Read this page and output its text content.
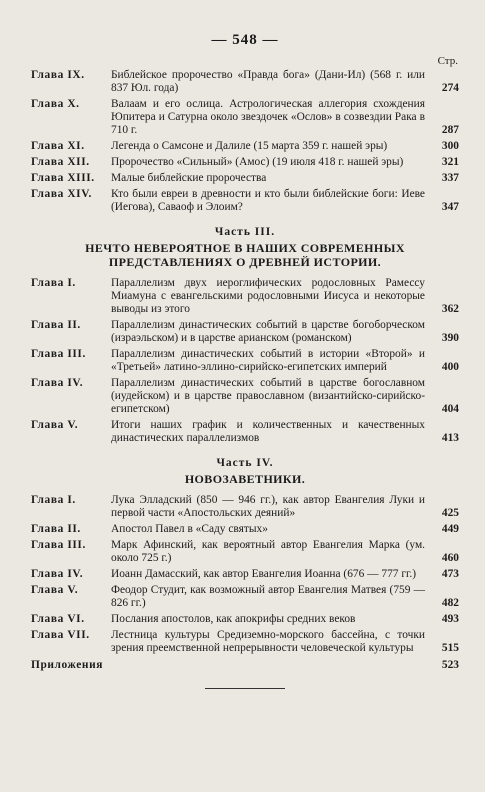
— 548 —
Стр.
Глава IX.	Библейское пророчество «Правда бога» (Дани-Ил) (568 г. или 837 Юл. года)	274
Глава X.	Валаам и его ослица. Астрологическая аллегория схождения Юпитера и Сатурна около звездочек «Ослов» в созвездии Рака в 710 г.	287
Глава XI.	Легенда о Самсоне и Далиле (15 марта 359 г. нашей эры)	300
Глава XII.	Пророчество «Сильный» (Амос) (19 июля 418 г. нашей эры)	321
Глава XIII.	Малые библейские пророчества	337
Глава XIV.	Кто были евреи в древности и кто были библейские боги: Иеве (Иегова), Саваоф и Элоим?	347
Часть III.
НЕЧТО НЕВЕРОЯТНОЕ В НАШИХ СОВРЕМЕННЫХ ПРЕДСТАВЛЕНИЯХ О ДРЕВНЕЙ ИСТОРИИ.
Глава I.	Параллелизм двух иероглифических родословных Рамессу Миамуна с евангельскими родословными Иисуса и некоторые выводы из этого	362
Глава II.	Параллелизм династических событий в царстве богоборческом (израэльском) и в царстве арианском (романском)	390
Глава III.	Параллелизм династических событий в истории «Второй» и «Третьей» латино-эллино-сирийско-египетских империй	400
Глава IV.	Параллелизм династических событий в царстве богославном (иудейском) и в царстве православном (византийско-сирийско-египетском)	404
Глава V.	Итоги наших график и количественных и качественных династических параллелизмов	413
Часть IV.
НОВОЗАВЕТНИКИ.
Глава I.	Лука Элладский (850 — 946 гг.), как автор Евангелия Луки и первой части «Апостольских деяний»	425
Глава II.	Апостол Павел в «Саду святых»	449
Глава III.	Марк Афинский, как вероятный автор Евангелия Марка (ум. около 725 г.)	460
Глава IV.	Иоанн Дамасский, как автор Евангелия Иоанна (676 — 777 гг.)	473
Глава V.	Феодор Студит, как возможный автор Евангелия Матвея (759 — 826 гг.)	482
Глава VI.	Послания апостолов, как апокрифы средних веков	493
Глава VII.	Лестница культуры Средиземно-морского бассейна, с точки зрения преемственной непрерывности человеческой культуры	515
Приложения	523
